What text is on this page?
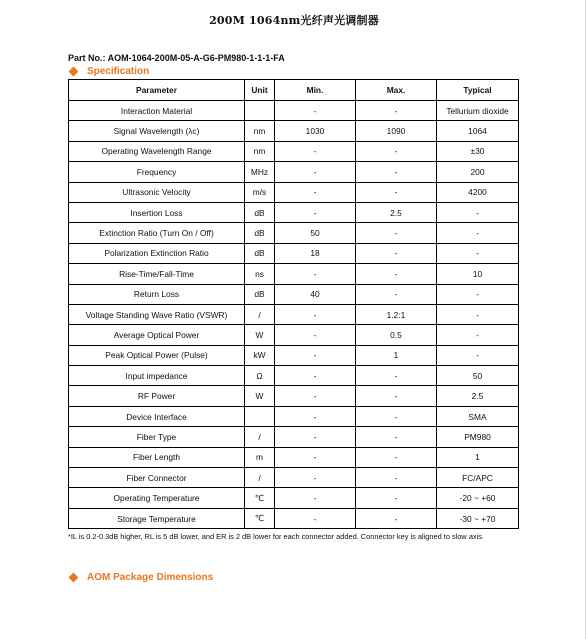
200M 1064nm光纤声光调制器
Part No.: AOM-1064-200M-05-A-G6-PM980-1-1-1-FA
Specification
Parameter	Unit	Min.	Max.	Typical
Interaction Material		-	-	Tellurium dioxide
Signal Wavelength (λc)	nm	1030	1090	1064
Operating Wavelength Range	nm	-	-	±30
Frequency	MHz	-	-	200
Ultrasonic Velocity	m/s	-	-	4200
Insertion Loss	dB	-	2.5	-
Extinction Ratio (Turn On / Off)	dB	50	-	-
Polarization Extinction Ratio	dB	18	-	-
Rise-Time/Fall-Time	ns	-	-	10
Return Loss	dB	40	-	-
Voltage Standing Wave Ratio (VSWR)	/	-	1.2:1	-
Average Optical Power	W	-	0.5	-
Peak Optical Power (Pulse)	kW	-	1	-
Input impedance	Ω	-	-	50
RF Power	W	-	-	2.5
Device Interface		-	-	SMA
Fiber Type	/	-	-	PM980
Fiber Length	m	-	-	1
Fiber Connector	/	-	-	FC/APC
Operating Temperature	℃	-	-	-20 ~ +60
Storage Temperature	℃	-	-	-30 ~ +70
*IL is 0.2-0.3dB higher, RL is 5 dB lower, and ER is 2 dB lower for each connector added. Connector key is aligned to slow axis.
AOM Package Dimensions
